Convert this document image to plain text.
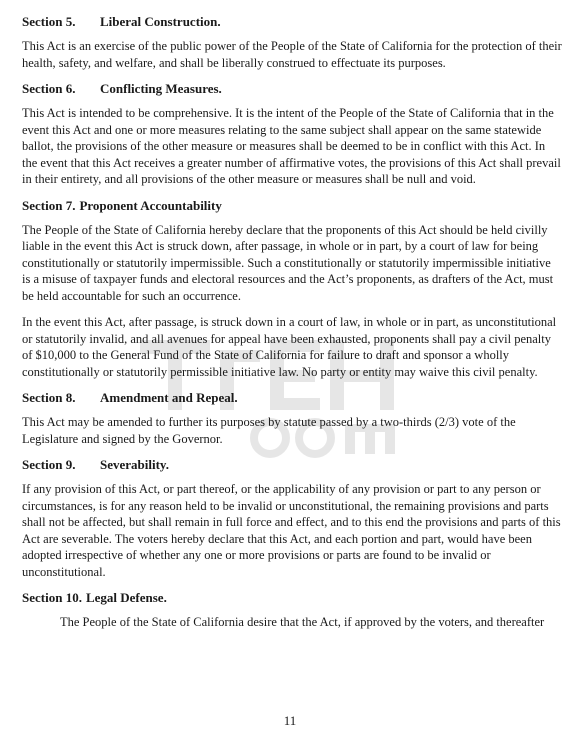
Section 5. Liberal Construction.

This Act is an exercise of the public power of the People of the State of California for the protection of their health, safety, and welfare, and shall be liberally construed to effectuate its purposes.

Section 6. Conflicting Measures.

This Act is intended to be comprehensive. It is the intent of the People of the State of California that in the event this Act and one or more measures relating to the same subject shall appear on the same statewide ballot, the provisions of the other measure or measures shall be deemed to be in conflict with this Act. In the event that this Act receives a greater number of affirmative votes, the provisions of this Act shall prevail in their entirety, and all provisions of the other measure or measures shall be null and void.

Section 7. Proponent Accountability

The People of the State of California hereby declare that the proponents of this Act should be held civilly liable in the event this Act is struck down, after passage, in whole or in part, by a court of law for being constitutionally or statutorily impermissible. Such a constitutionally or statutorily impermissible initiative is a misuse of taxpayer funds and electoral resources and the Act’s proponents, as drafters of the Act, must be held accountable for such an occurrence.

In the event this Act, after passage, is struck down in a court of law, in whole or in part, as unconstitutional or statutorily invalid, and all avenues for appeal have been exhausted, proponents shall pay a civil penalty of $10,000 to the General Fund of the State of California for failure to draft and sponsor a wholly constitutionally or statutorily permissible initiative law. No party or entity may waive this civil penalty.

Section 8. Amendment and Repeal.

This Act may be amended to further its purposes by statute passed by a two-thirds (2/3) vote of the Legislature and signed by the Governor.

Section 9. Severability.

If any provision of this Act, or part thereof, or the applicability of any provision or part to any person or circumstances, is for any reason held to be invalid or unconstitutional, the remaining provisions and parts shall not be affected, but shall remain in full force and effect, and to this end the provisions and parts of this Act are severable. The voters hereby declare that this Act, and each portion and part, would have been adopted irrespective of whether any one or more provisions or parts are found to be invalid or unconstitutional.

Section 10. Legal Defense.

The People of the State of California desire that the Act, if approved by the voters, and thereafter

11
